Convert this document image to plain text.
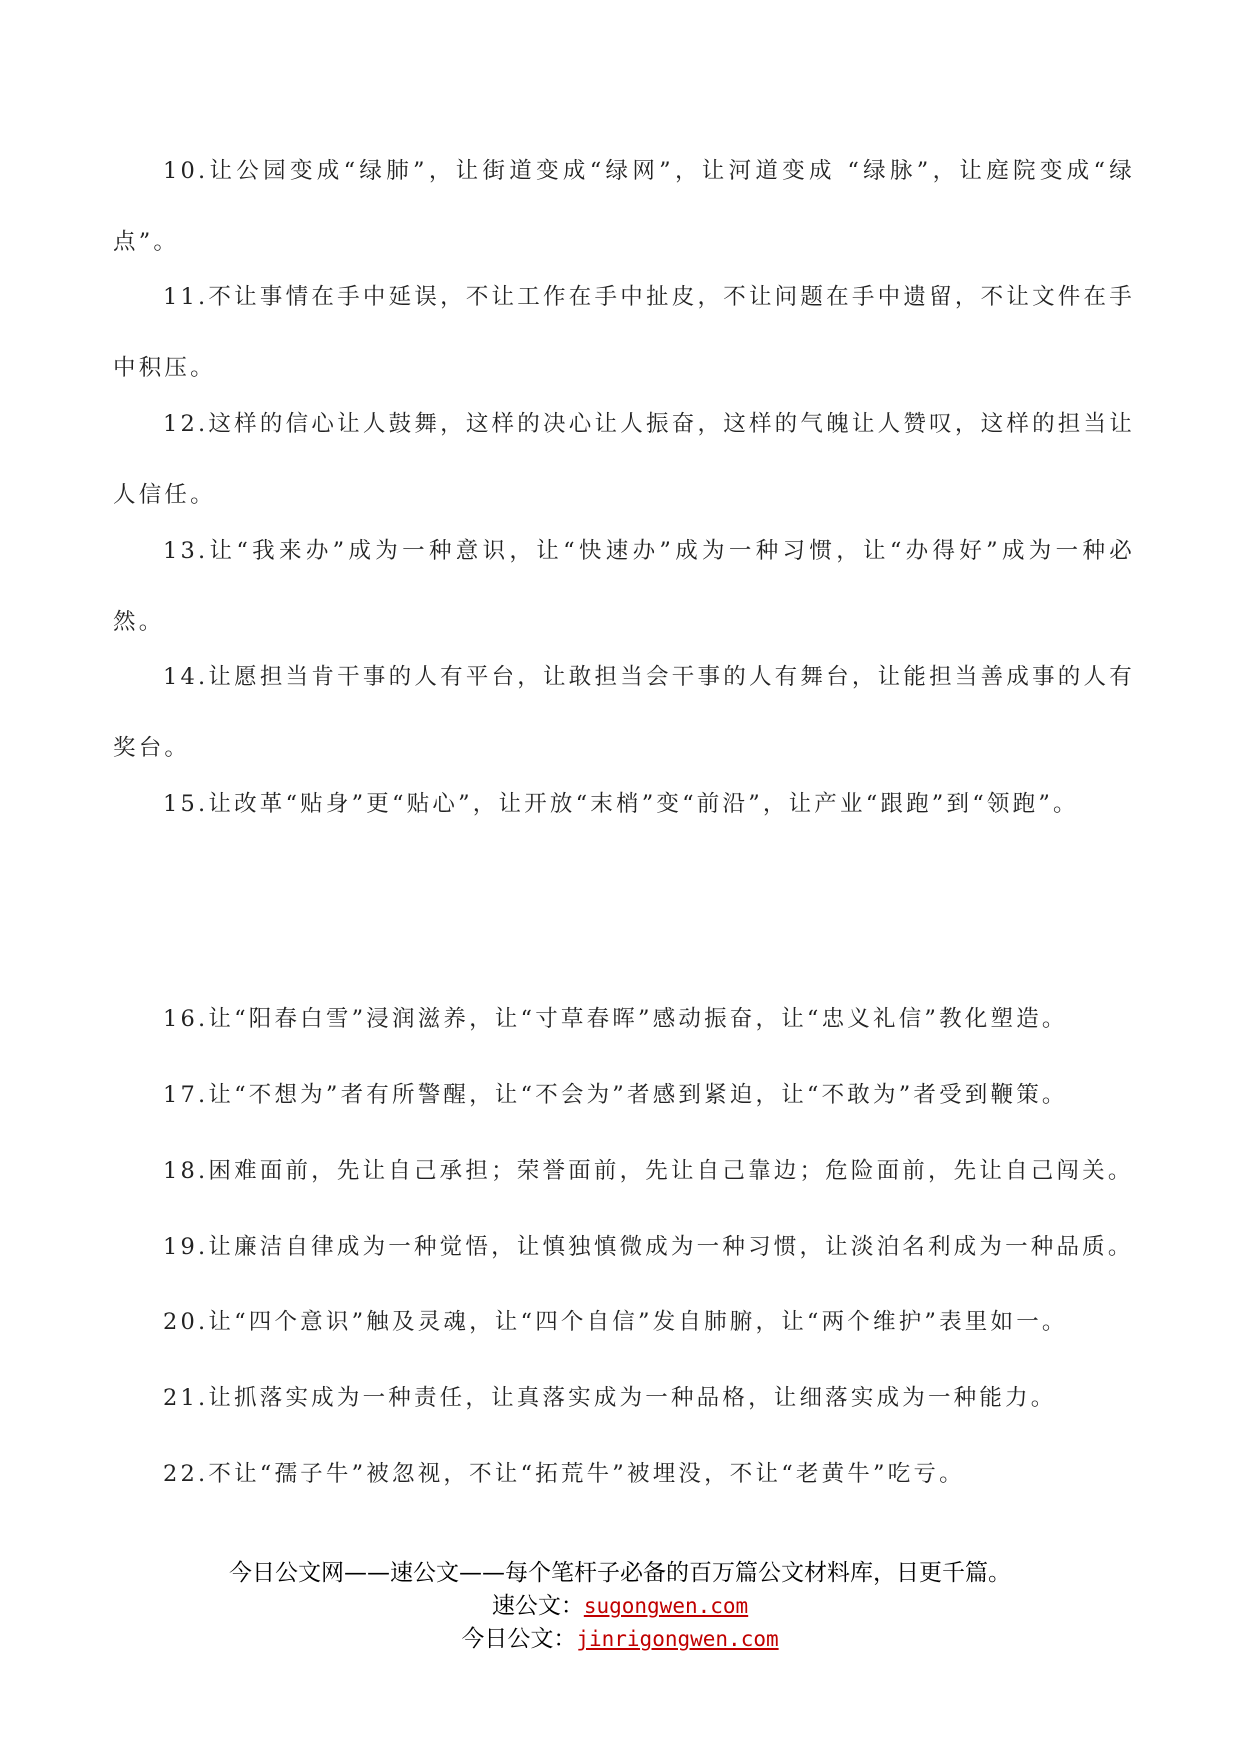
10.让公园变成“绿肺”，让街道变成“绿网”，让河道变成 “绿脉”，让庭院变成“绿点”。

11.不让事情在手中延误，不让工作在手中扯皮，不让问题在手中遗留，不让文件在手中积压。

12.这样的信心让人鼓舞，这样的决心让人振奋，这样的气魄让人赞叹，这样的担当让人信任。

13.让“我来办”成为一种意识，让“快速办”成为一种习惯，让“办得好”成为一种必然。

14.让愿担当肯干事的人有平台，让敢担当会干事的人有舞台，让能担当善成事的人有奖台。

15.让改革“贴身”更“贴心”，让开放“末梢”变“前沿”，让产业“跟跑”到“领跑”。

16.让“阳春白雪”浸润滋养，让“寸草春晖”感动振奋，让“忠义礼信”教化塑造。

17.让“不想为”者有所警醒，让“不会为”者感到紧迫，让“不敢为”者受到鞭策。

18.困难面前，先让自己承担；荣誉面前，先让自己靠边；危险面前，先让自己闯关。

19.让廉洁自律成为一种觉悟，让慎独慎微成为一种习惯，让淡泊名利成为一种品质。

20.让“四个意识”触及灵魂，让“四个自信”发自肺腑，让“两个维护”表里如一。

21.让抓落实成为一种责任，让真落实成为一种品格，让细落实成为一种能力。

22.不让“孺子牛”被忽视，不让“拓荒牛”被埋没，不让“老黄牛”吃亏。

今日公文网——速公文——每个笔杆子必备的百万篇公文材料库，日更千篇。
速公文：sugongwen.com
今日公文：jinrigongwen.com
